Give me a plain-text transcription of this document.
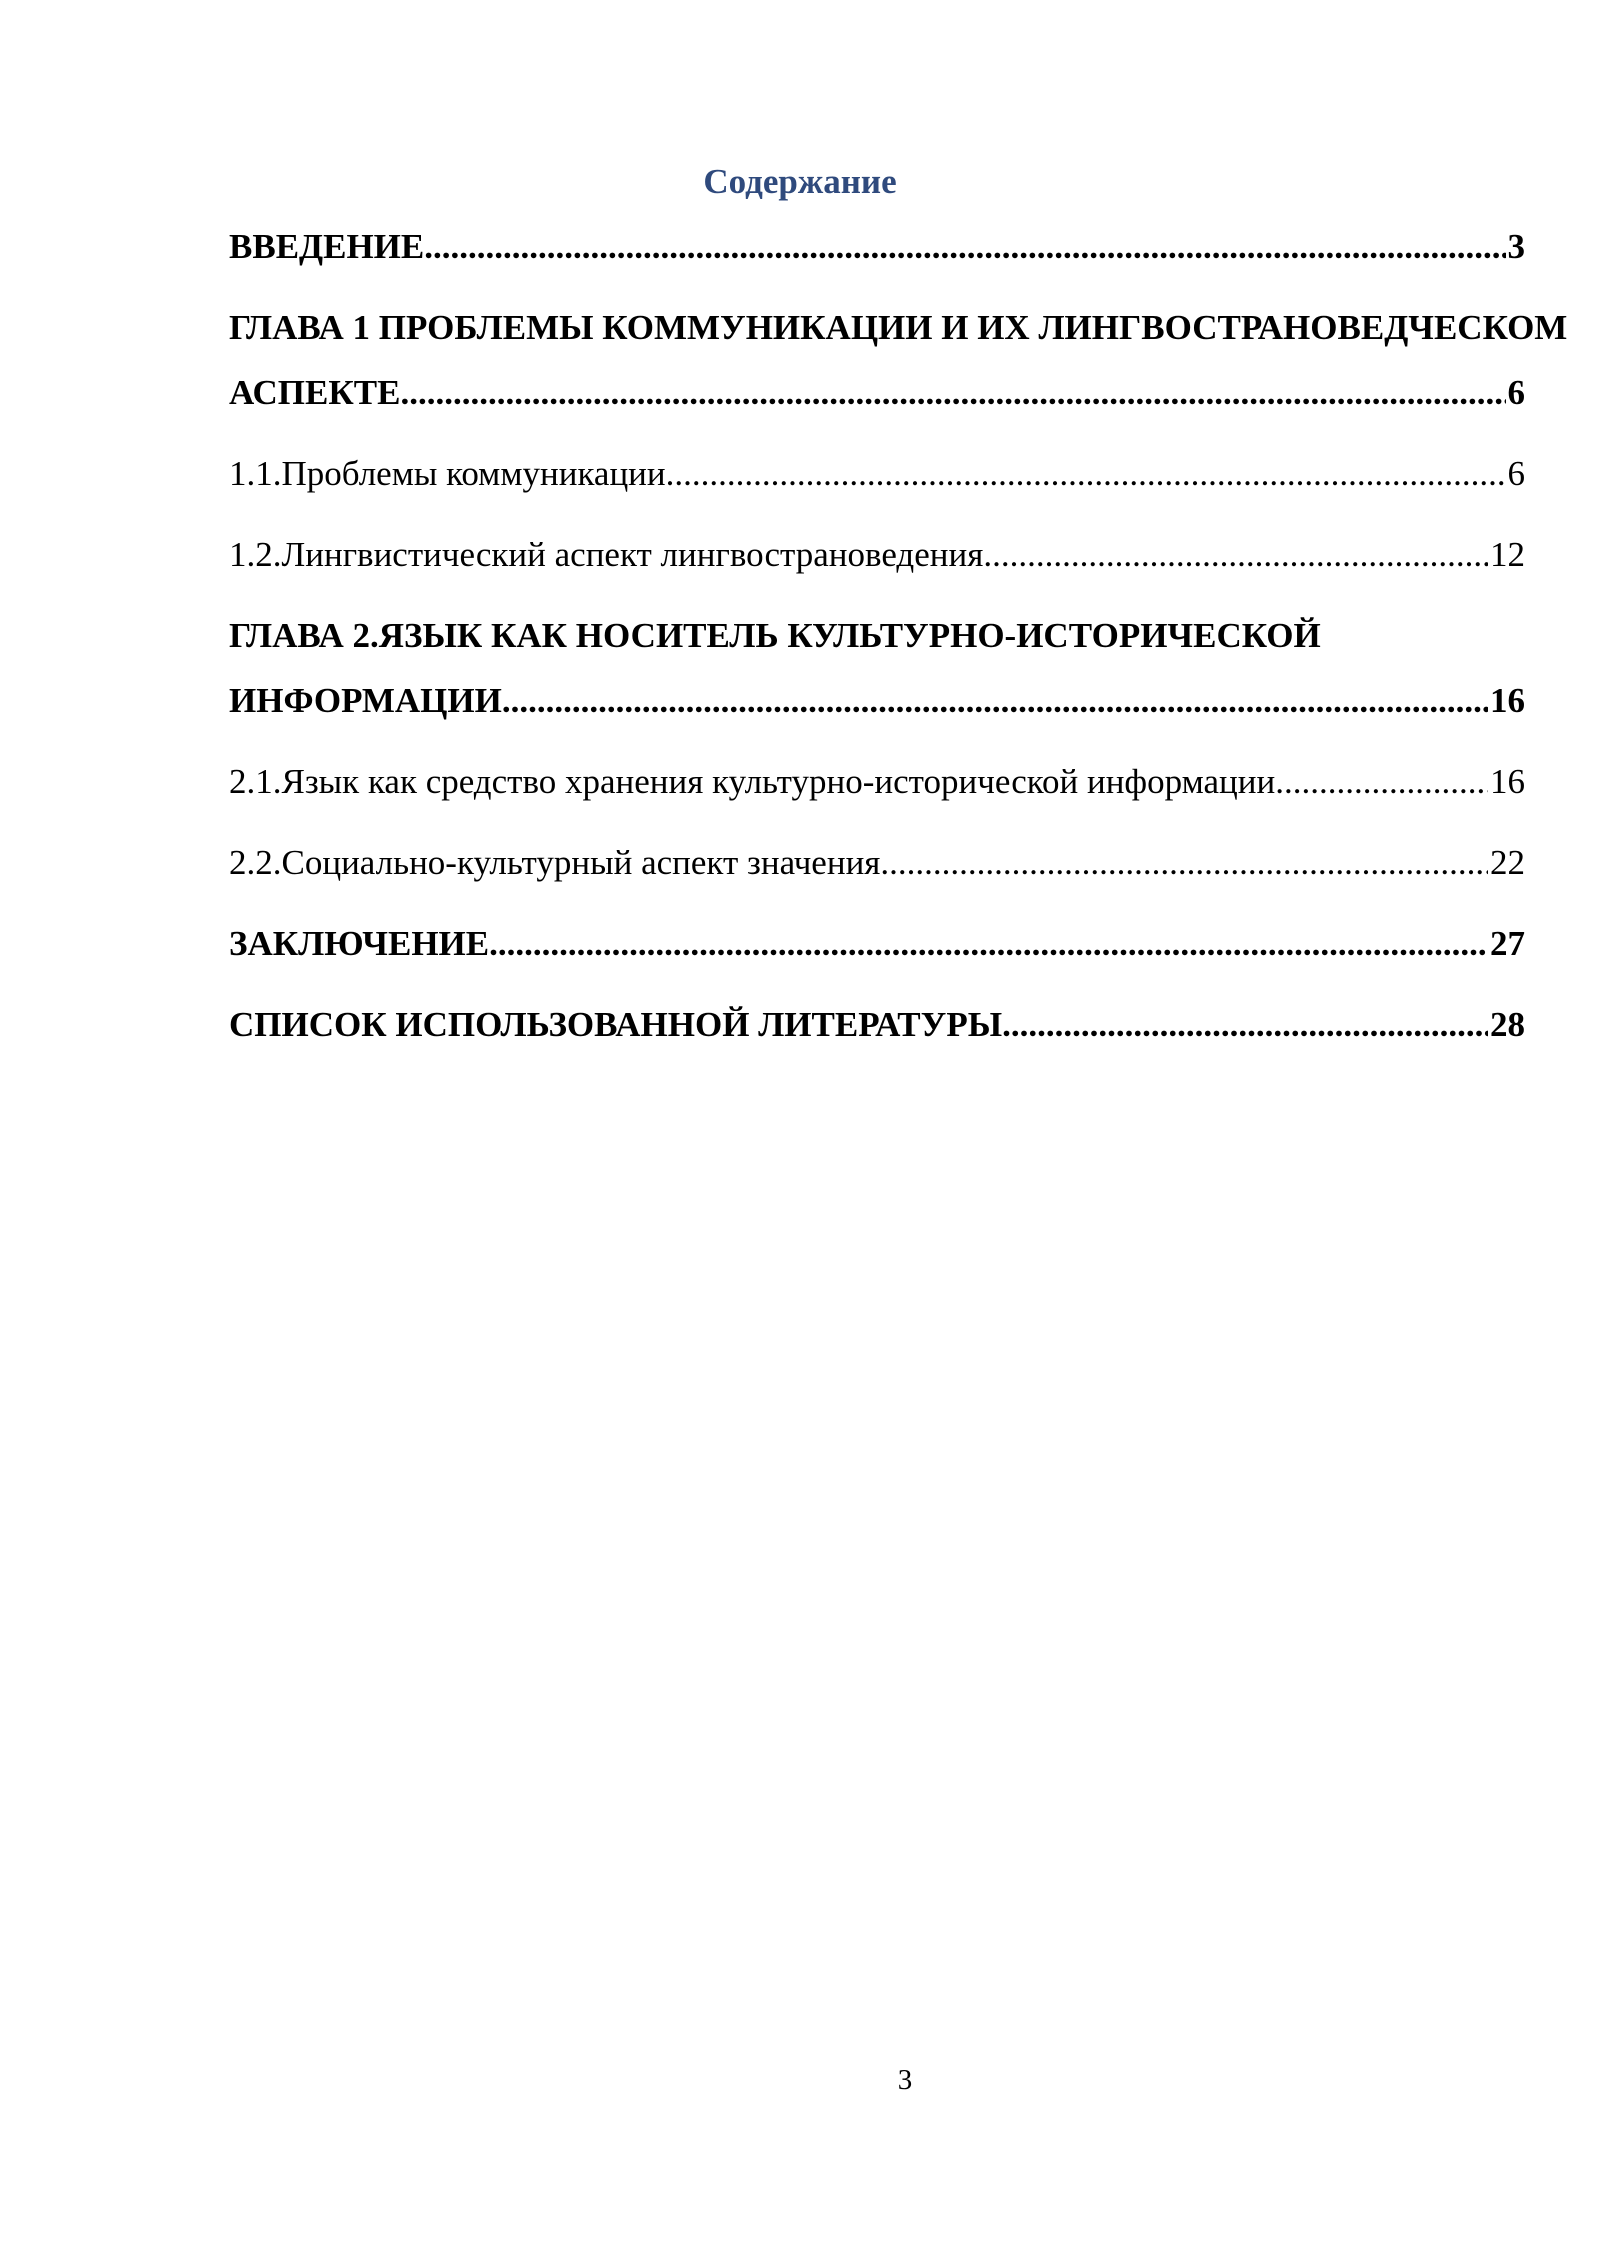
Содержание
ВВЕДЕНИЕ .....	3
ГЛАВА 1 ПРОБЛЕМЫ КОММУНИКАЦИИ И ИХ ЛИНГВОСТРАНОВЕДЧЕСКОМ
АСПЕКТЕ .....	6
1.1.Проблемы коммуникации .....	6
1.2.Лингвистический аспект лингвострановедения .....	12
ГЛАВА 2.ЯЗЫК КАК НОСИТЕЛЬ КУЛЬТУРНО-ИСТОРИЧЕСКОЙ
ИНФОРМАЦИИ .....	16
2.1.Язык как средство хранения культурно-исторической информации .....	16
2.2.Социально-культурный аспект значения .....	22
ЗАКЛЮЧЕНИЕ .....	27
СПИСОК ИСПОЛЬЗОВАННОЙ ЛИТЕРАТУРЫ .....	28
3
